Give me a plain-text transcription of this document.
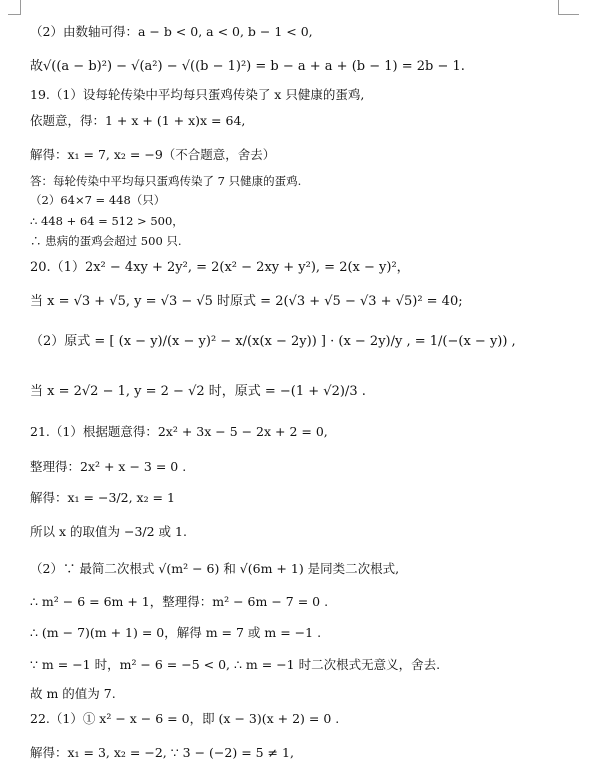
（2）由数轴可得：a − b < 0, a < 0, b − 1 < 0,
故√((a − b)²) − √(a²) − √((b − 1)²) = b − a + a + (b − 1) = 2b − 1.
19.（1）设每轮传染中平均每只蛋鸡传染了 x 只健康的蛋鸡,
依题意，得：1 + x + (1 + x)x = 64,
解得：x₁ = 7, x₂ = −9（不合题意，舍去）
答：每轮传染中平均每只蛋鸡传染了 7 只健康的蛋鸡.
（2）64×7 = 448（只）
∴ 448 + 64 = 512 > 500，
∴ 患病的蛋鸡会超过 500 只.
20.（1）2x² − 4xy + 2y², = 2(x² − 2xy + y²), = 2(x − y)²，
当 x = √3 + √5, y = √3 − √5 时原式 = 2(√3 + √5 − √3 + √5)² = 40;
（2）原式 = [ (x − y)/(x − y)² − x/(x(x − 2y)) ] · (x − 2y)/y , = 1/(−(x − y)) ,
当 x = 2√2 − 1, y = 2 − √2 时，原式 = −(1 + √2)/3 .
21.（1）根据题意得：2x² + 3x − 5 − 2x + 2 = 0,
整理得：2x² + x − 3 = 0 .
解得：x₁ = −3/2, x₂ = 1
所以 x 的取值为 −3/2 或 1.
（2）∵ 最简二次根式 √(m² − 6) 和 √(6m + 1) 是同类二次根式,
∴ m² − 6 = 6m + 1，整理得：m² − 6m − 7 = 0 .
∴ (m − 7)(m + 1) = 0，解得 m = 7 或 m = −1 .
∵ m = −1 时，m² − 6 = −5 < 0, ∴ m = −1 时二次根式无意义，舍去.
故 m 的值为 7.
22.（1）① x² − x − 6 = 0，即 (x − 3)(x + 2) = 0 .
解得：x₁ = 3, x₂ = −2, ∵ 3 − (−2) = 5 ≠ 1,
